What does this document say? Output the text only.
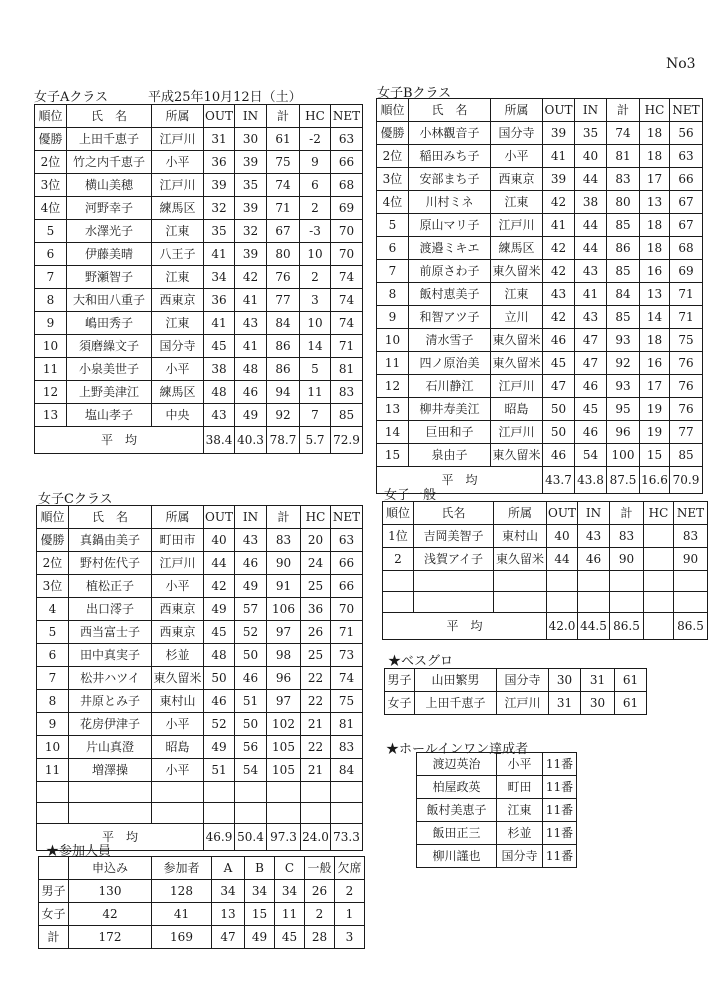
No3
女子Aクラス	平成25年10月12日（土）
順位	氏　名	所属	OUT	IN	計	HC	NET
優勝	上田千恵子	江戸川	31	30	61	-2	63
2位	竹之内千恵子	小平	36	39	75	9	66
3位	横山美穂	江戸川	39	35	74	6	68
4位	河野幸子	練馬区	32	39	71	2	69
5	水澤光子	江東	35	32	67	-3	70
6	伊藤美晴	八王子	41	39	80	10	70
7	野瀬智子	江東	34	42	76	2	74
8	大和田八重子	西東京	36	41	77	3	74
9	嶋田秀子	江東	41	43	84	10	74
10	須磨繰文子	国分寺	45	41	86	14	71
11	小泉美世子	小平	38	48	86	5	81
12	上野美津江	練馬区	48	46	94	11	83
13	塩山孝子	中央	43	49	92	7	85
平　均			38.4	40.3	78.7	5.7	72.9
女子Bクラス
順位	氏　名	所属	OUT	IN	計	HC	NET
優勝	小林觀音子	国分寺	39	35	74	18	56
2位	稲田みち子	小平	41	40	81	18	63
3位	安部まち子	西東京	39	44	83	17	66
4位	川村ミネ	江東	42	38	80	13	67
5	原山マリ子	江戸川	41	44	85	18	67
6	渡邉ミキエ	練馬区	42	44	86	18	68
7	前原さわ子	東久留米	42	43	85	16	69
8	飯村恵美子	江東	43	41	84	13	71
9	和智アツ子	立川	42	43	85	14	71
10	清水雪子	東久留米	46	47	93	18	75
11	四ノ原治美	東久留米	45	47	92	16	76
12	石川静江	江戸川	47	46	93	17	76
13	柳井寿美江	昭島	50	45	95	19	76
14	巨田和子	江戸川	50	46	96	19	77
15	泉由子	東久留米	46	54	100	15	85
平　均			43.7	43.8	87.5	16.6	70.9
女子Cクラス
順位	氏　名	所属	OUT	IN	計	HC	NET
優勝	真鍋由美子	町田市	40	43	83	20	63
2位	野村佐代子	江戸川	44	46	90	24	66
3位	植松正子	小平	42	49	91	25	66
4	出口澪子	西東京	49	57	106	36	70
5	西当富士子	西東京	45	52	97	26	71
6	田中真実子	杉並	48	50	98	25	73
7	松井ハツイ	東久留米	50	46	96	22	74
8	井原とみ子	東村山	46	51	97	22	75
9	花房伊津子	小平	52	50	102	21	81
10	片山真澄	昭島	49	56	105	22	83
11	増澤操	小平	51	54	105	21	84

平　均			46.9	50.4	97.3	24.0	73.3
女子一般
順位	氏名	所属	OUT	IN	計	HC	NET
1位	吉岡美智子	東村山	40	43	83		83
2	浅賀アイ子	東久留米	44	46	90		90

平　均			42.0	44.5	86.5		86.5
★ベスグロ
男子	山田繁男	国分寺	30	31	61
女子	上田千恵子	江戸川	31	30	61
★ホールインワン達成者
渡辺英治	小平	11番
柏屋政英	町田	11番
飯村美恵子	江東	11番
飯田正三	杉並	11番
柳川謹也	国分寺	11番
★参加人員
	申込み	参加者	A	B	C	一般	欠席
男子	130	128	34	34	34	26	2
女子	42	41	13	15	11	2	1
計	172	169	47	49	45	28	3
